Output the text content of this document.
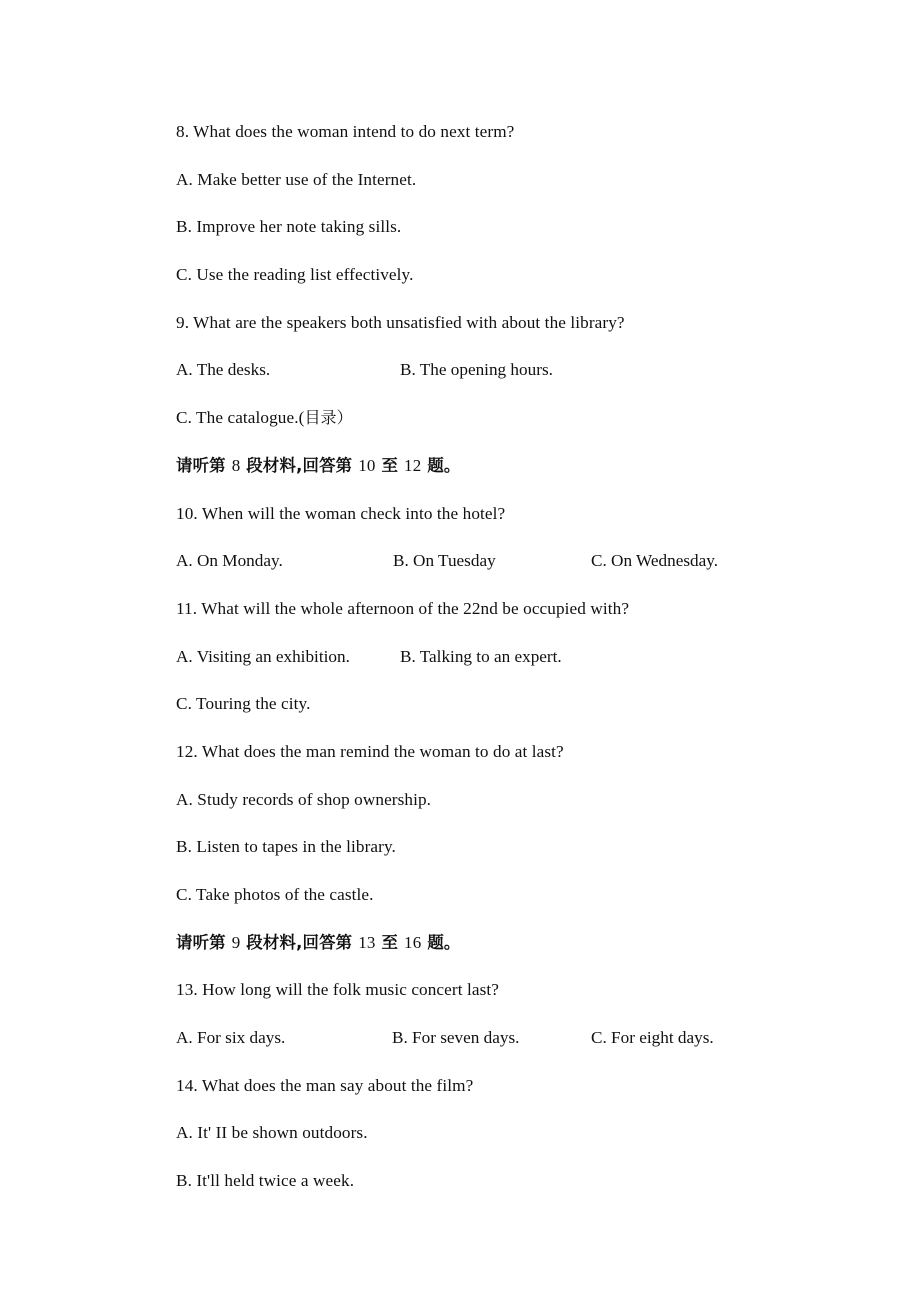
8. What does the woman intend to do next term?
A. Make better use of the Internet.
B. Improve her note taking sills.
C. Use the reading list effectively.
9. What are the speakers both unsatisfied with about the library?
A. The desks.	B. The opening hours.
C. The catalogue.(目录）
请听第 8 段材料,回答第 10 至 12 题。
10. When will the woman check into the hotel?
A. On Monday.	B. On Tuesday	C. On Wednesday.
11. What will the whole afternoon of the 22nd be occupied with?
A. Visiting an exhibition.	B. Talking to an expert.
C. Touring the city.
12. What does the man remind the woman to do at last?
A. Study records of shop ownership.
B. Listen to tapes in the library.
C. Take photos of the castle.
请听第 9 段材料,回答第 13 至 16 题。
13. How long will the folk music concert last?
A. For six days.	B. For seven days.	C. For eight days.
14. What does the man say about the film?
A. It' II be shown outdoors.
B. It'll held twice a week.
